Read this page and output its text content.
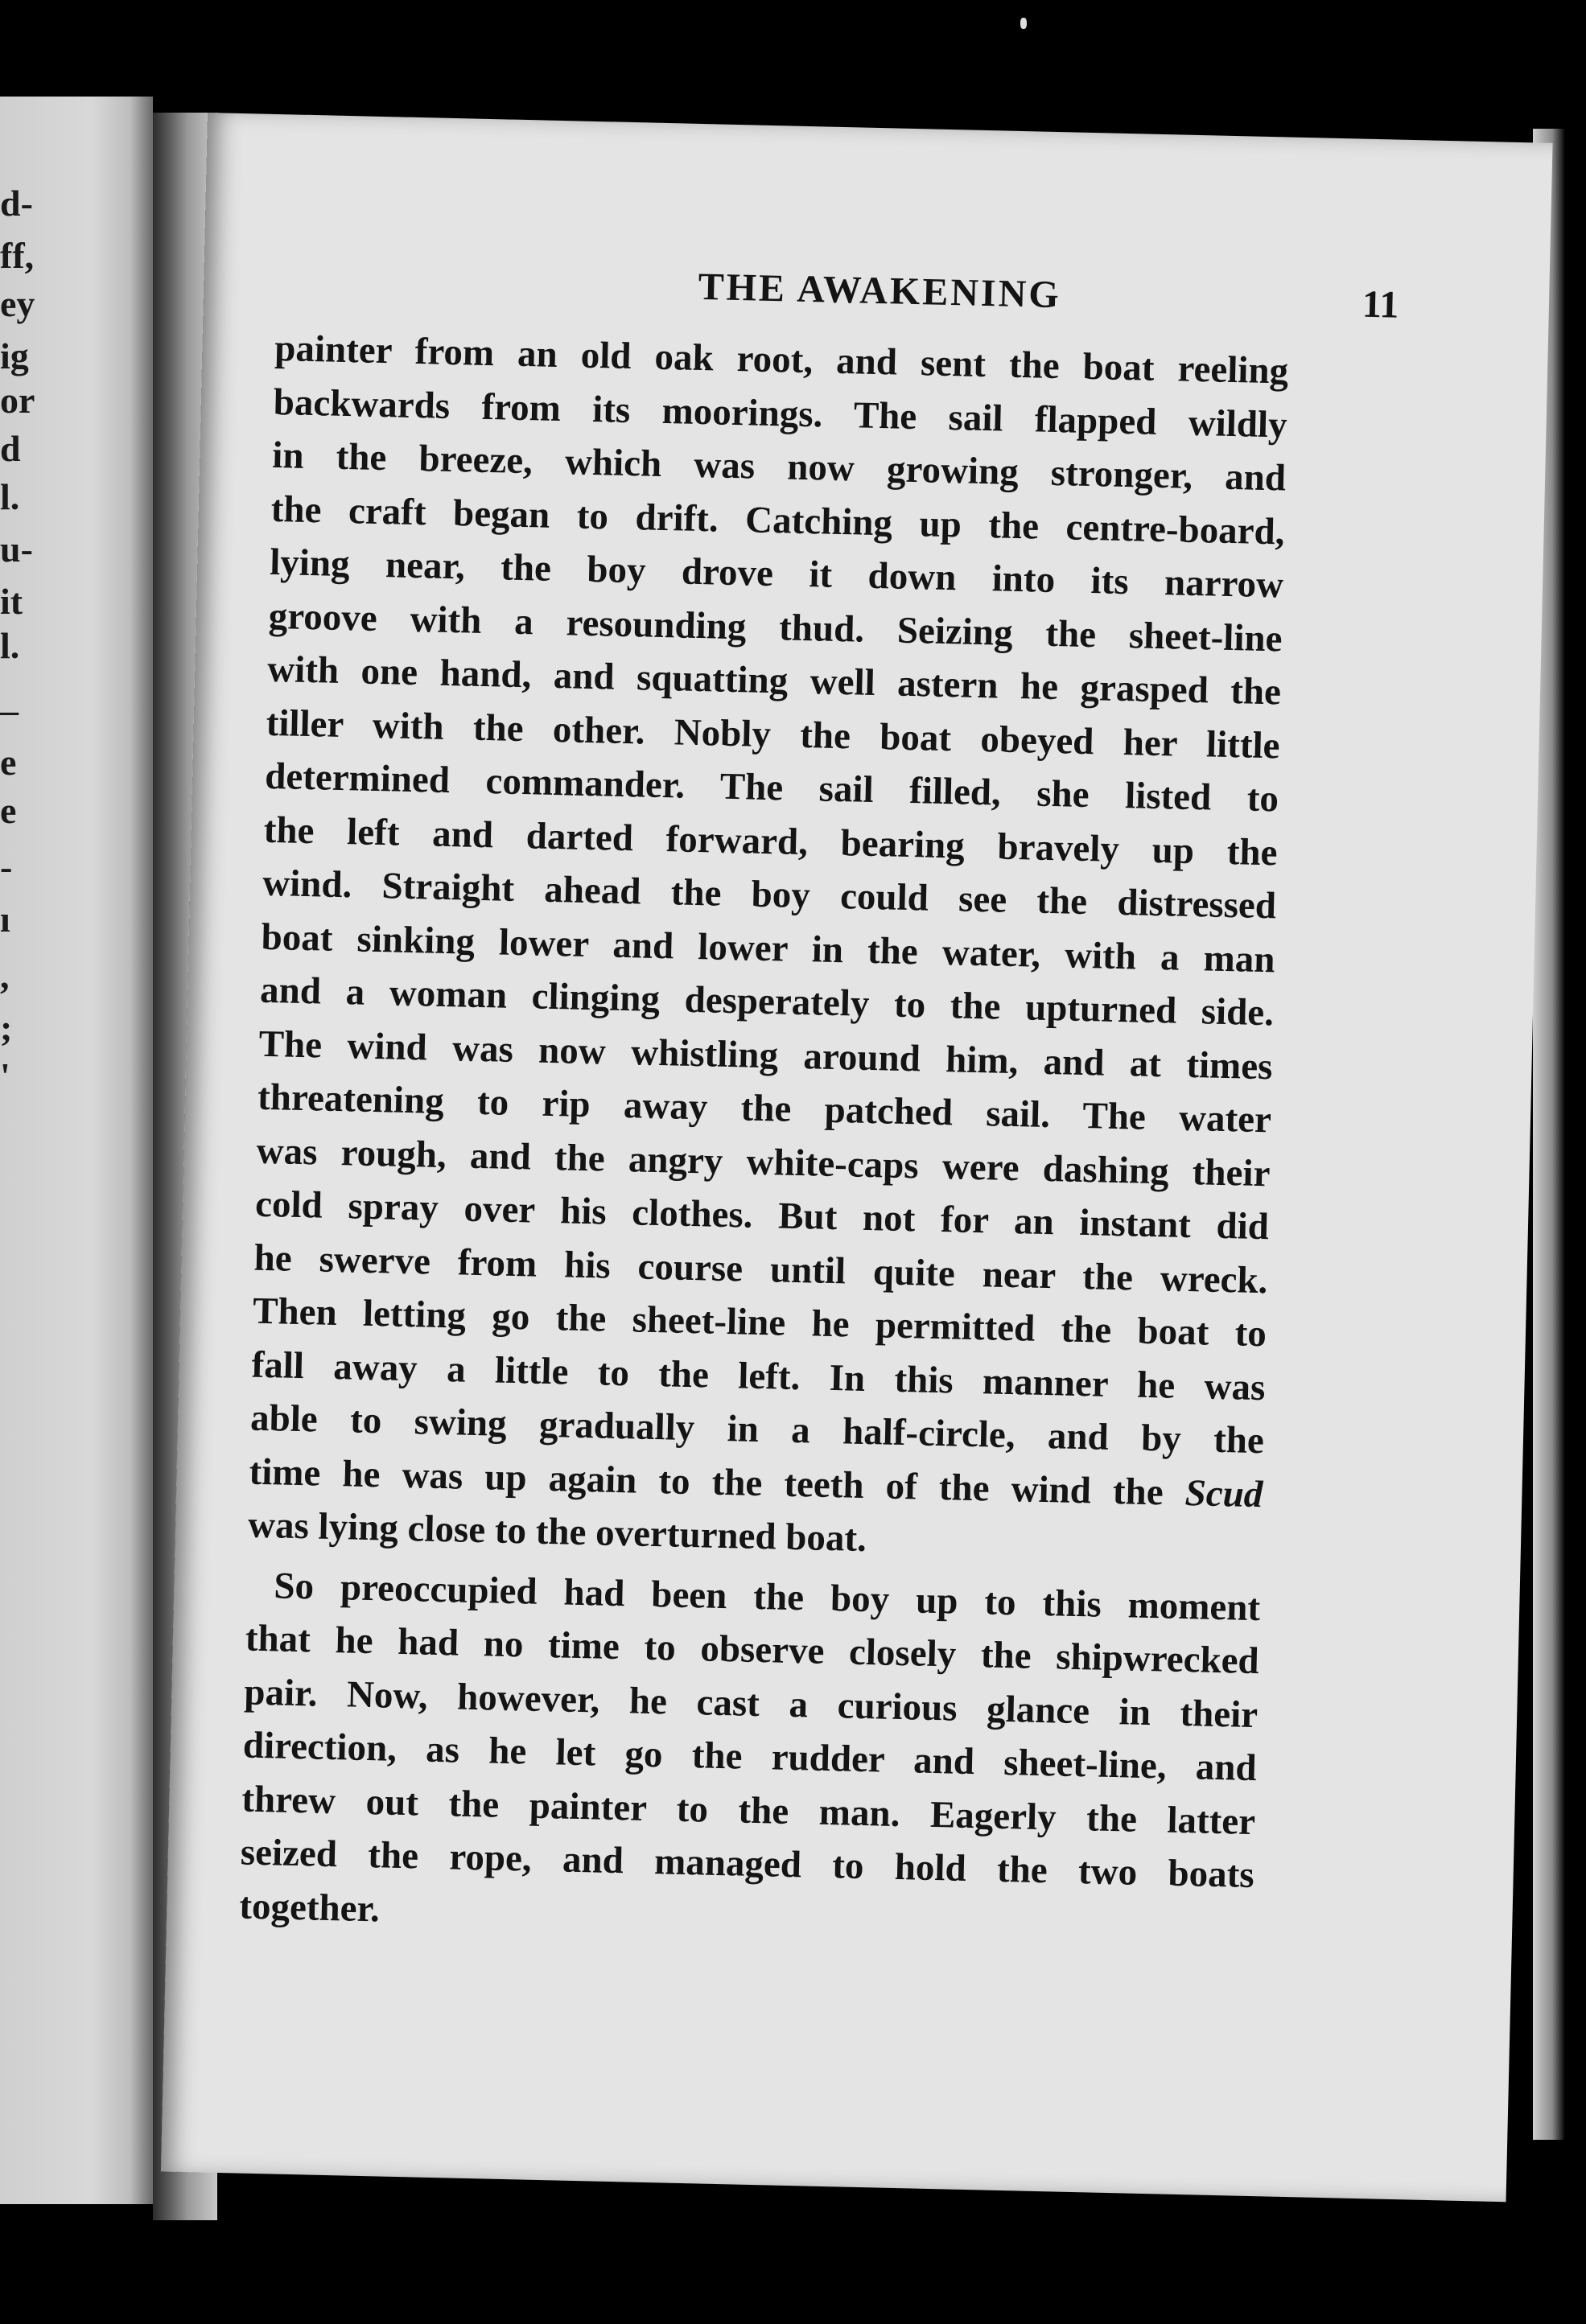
d-
ff,
ey
ig
or
d
l.
u-
it
l.
–
e
e
-
ı
,
;
'
THE AWAKENING	11
painter from an old oak root, and sent the boat reeling
backwards from its moorings. The sail flapped wildly
in the breeze, which was now growing stronger, and
the craft began to drift. Catching up the centre-board,
lying near, the boy drove it down into its narrow
groove with a resounding thud. Seizing the sheet-line
with one hand, and squatting well astern he grasped the
tiller with the other. Nobly the boat obeyed her little
determined commander. The sail filled, she listed to
the left and darted forward, bearing bravely up the
wind. Straight ahead the boy could see the distressed
boat sinking lower and lower in the water, with a man
and a woman clinging desperately to the upturned side.
The wind was now whistling around him, and at times
threatening to rip away the patched sail. The water
was rough, and the angry white-caps were dashing their
cold spray over his clothes. But not for an instant did
he swerve from his course until quite near the wreck.
Then letting go the sheet-line he permitted the boat to
fall away a little to the left. In this manner he was
able to swing gradually in a half-circle, and by the
time he was up again to the teeth of the wind the Scud
was lying close to the overturned boat.
So preoccupied had been the boy up to this moment
that he had no time to observe closely the shipwrecked
pair. Now, however, he cast a curious glance in their
direction, as he let go the rudder and sheet-line, and
threw out the painter to the man. Eagerly the latter
seized the rope, and managed to hold the two boats
together.
